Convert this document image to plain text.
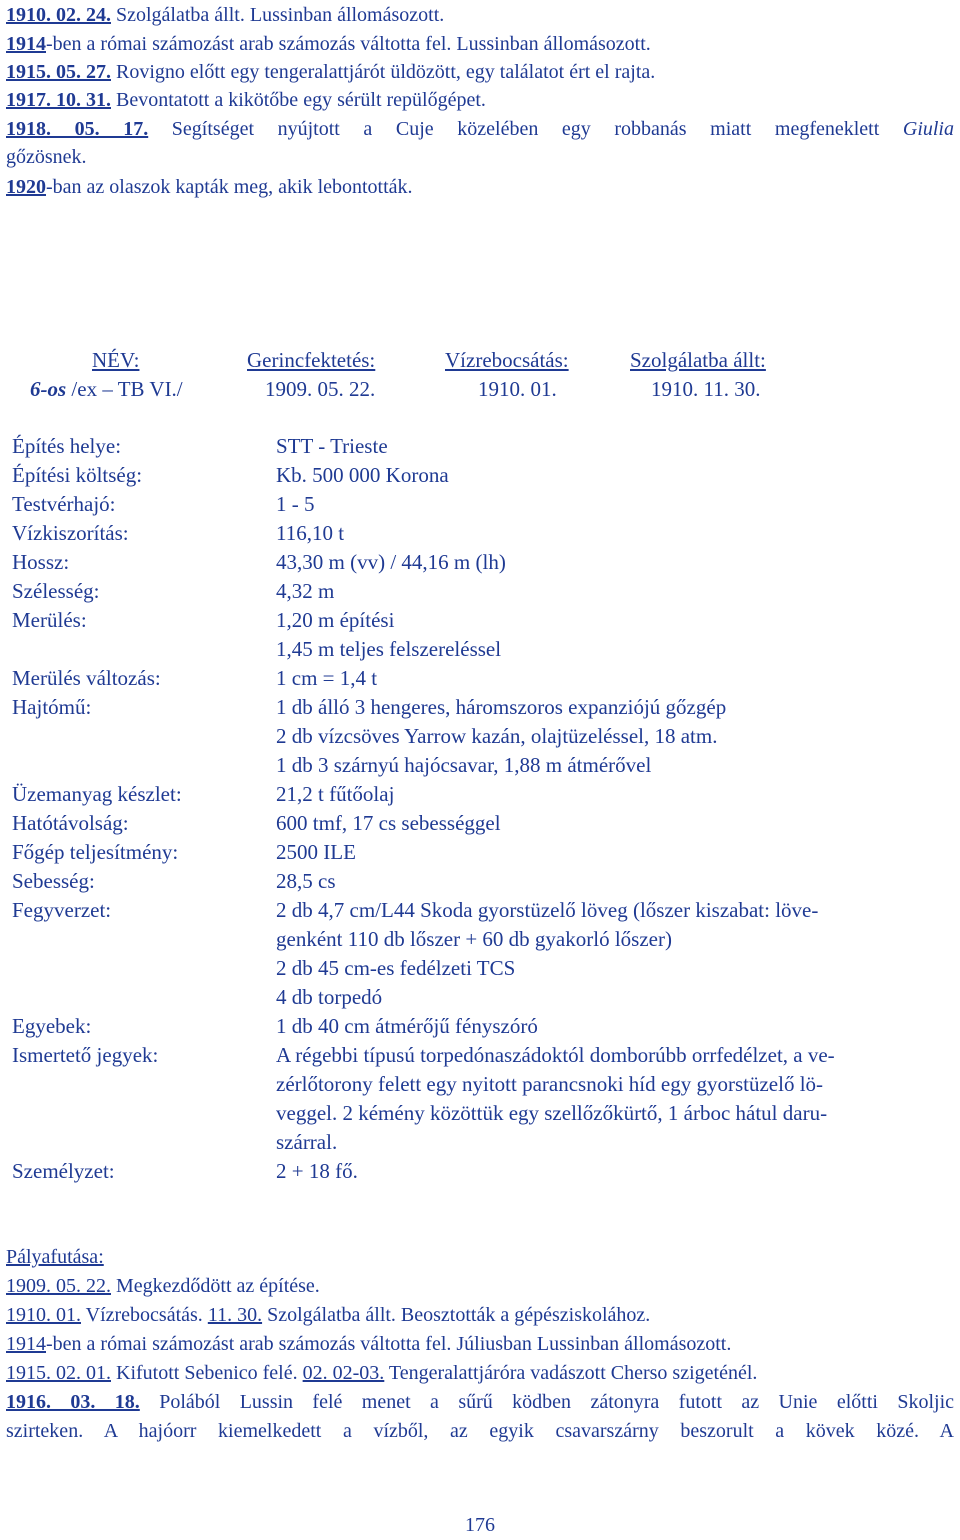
1910. 02. 24. Szolgálatba állt. Lussinban állomásozott.
1914-ben a római számozást arab számozás váltotta fel. Lussinban állomásozott.
1915. 05. 27. Rovigno előtt egy tengeralattjárót üldözött, egy találatot ért el rajta.
1917. 10. 31. Bevontatott a kikötőbe egy sérült repülőgépet.
1918. 05. 17. Segítséget nyújtott a Cuje közelében egy robbanás miatt megfeneklett Giulia
gőzösnek.
1920-ban az olaszok kapták meg, akik lebontották.
NÉV:	Gerincfektetés:	Vízrebocsátás:	Szolgálatba állt:
6-os /ex – TB VI./	1909. 05. 22.	1910. 01.	1910. 11. 30.
Építés helye:	STT - Trieste
Építési költség:	Kb. 500 000 Korona
Testvérhajó:	1 - 5
Vízkiszorítás:	116,10 t
Hossz:	43,30 m (vv) / 44,16 m (lh)
Szélesség:	4,32 m
Merülés:	1,20 m építési
1,45 m teljes felszereléssel
Merülés változás:	1 cm = 1,4 t
Hajtómű:	1 db álló 3 hengeres, háromszoros expanziójú gőzgép
2 db vízcsöves Yarrow kazán, olajtüzeléssel, 18 atm.
1 db 3 szárnyú hajócsavar, 1,88 m átmérővel
Üzemanyag készlet:	21,2 t fűtőolaj
Hatótávolság:	600 tmf, 17 cs sebességgel
Főgép teljesítmény:	2500 ILE
Sebesség:	28,5 cs
Fegyverzet:	2 db 4,7 cm/L44 Skoda gyorstüzelő löveg (lőszer kiszabat: löve-
genként 110 db lőszer + 60 db gyakorló lőszer)
2 db 45 cm-es fedélzeti TCS
4 db torpedó
Egyebek:	1 db 40 cm átmérőjű fényszóró
Ismertető jegyek:	A régebbi típusú torpedónaszádoktól domborúbb orrfedélzet, a ve-
zérlőtorony felett egy nyitott parancsnoki híd egy gyorstüzelő lö-
veggel. 2 kémény közöttük egy szellőzőkürtő, 1 árboc hátul daru-
szárral.
Személyzet:	2 + 18 fő.
Pályafutása:
1909. 05. 22. Megkezdődött az építése.
1910. 01. Vízrebocsátás. 11. 30. Szolgálatba állt. Beosztották a gépésziskolához.
1914-ben a római számozást arab számozás váltotta fel. Júliusban Lussinban állomásozott.
1915. 02. 01. Kifutott Sebenico felé. 02. 02-03. Tengeralattjáróra vadászott Cherso szigeténél.
1916. 03. 18. Polából Lussin felé menet a sűrű ködben zátonyra futott az Unie előtti Skoljic
szirteken. A hajóorr kiemelkedett a vízből, az egyik csavarszárny beszorult a kövek közé. A
176
